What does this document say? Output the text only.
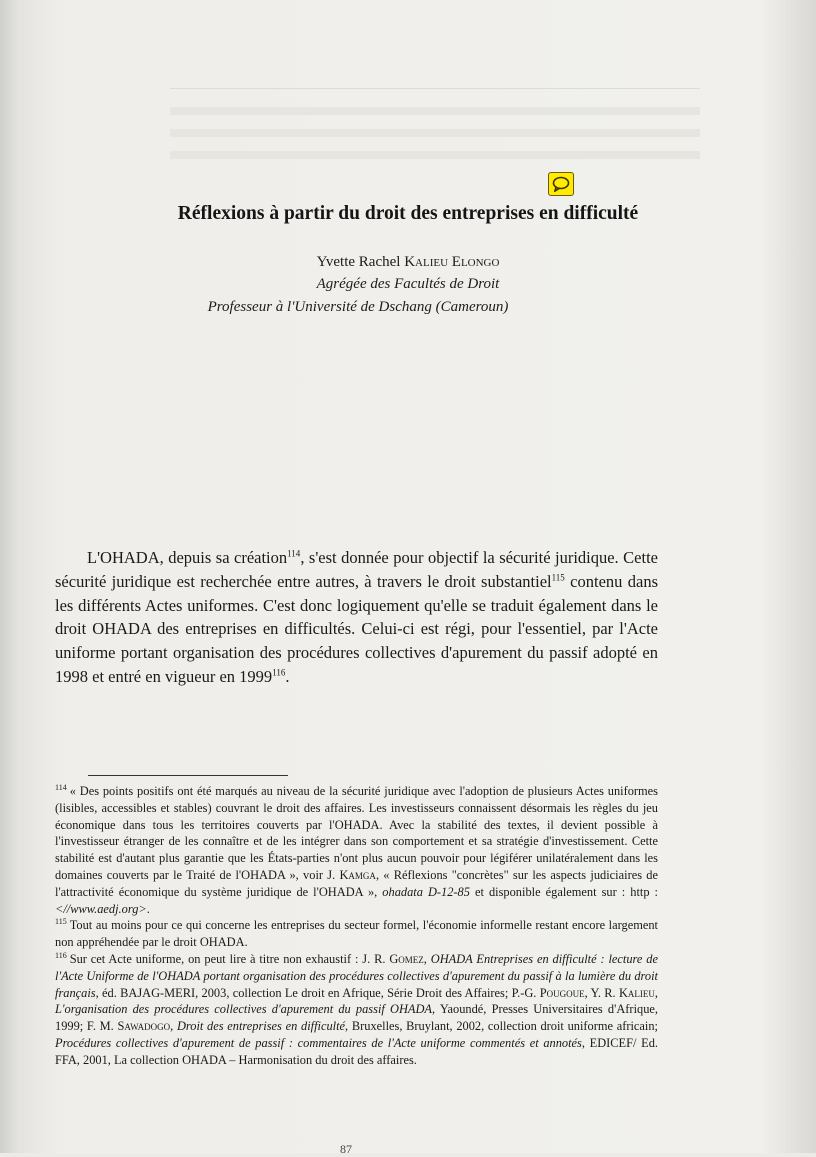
Réflexions à partir du droit des entreprises en difficulté
Yvette Rachel Kalieu Elongo
Agrégée des Facultés de Droit
Professeur à l'Université de Dschang (Cameroun)

L'OHADA, depuis sa création$^{114}$, s'est donnée pour objectif la sécurité juridique. Cette sécurité juridique est recherchée entre autres, à travers le droit substantiel$^{115}$ contenu dans les différents Actes uniformes. C'est donc logiquement qu'elle se traduit également dans le droit OHADA des entreprises en difficultés. Celui-ci est régi, pour l'essentiel, par l'Acte uniforme portant organisation des procédures collectives d'apurement du passif adopté en 1998 et entré en vigueur en 1999$^{116}$.

$^{114}$ « Des points positifs ont été marqués au niveau de la sécurité juridique avec l'adoption de plusieurs Actes uniformes (lisibles, accessibles et stables) couvrant le droit des affaires. Les investisseurs connaissent désormais les règles du jeu économique dans tous les territoires couverts par l'OHADA. Avec la stabilité des textes, il devient possible à l'investisseur étranger de les connaître et de les intégrer dans son comportement et sa stratégie d'investissement. Cette stabilité est d'autant plus garantie que les États-parties n'ont plus aucun pouvoir pour légiférer unilatéralement dans les domaines couverts par le Traité de l'OHADA », voir J. Kamga, « Réflexions "concrètes" sur les aspects judiciaires de l'attractivité économique du système juridique de l'OHADA », ohadata D-12-85 et disponible également sur : http : <//www.aedj.org>.

$^{115}$ Tout au moins pour ce qui concerne les entreprises du secteur formel, l'économie informelle restant encore largement non appréhendée par le droit OHADA.

$^{116}$ Sur cet Acte uniforme, on peut lire à titre non exhaustif : J. R. Gomez, OHADA Entreprises en difficulté : lecture de l'Acte Uniforme de l'OHADA portant organisation des procédures collectives d'apurement du passif à la lumière du droit français, éd. BAJAG-MERI, 2003, collection Le droit en Afrique, Série Droit des Affaires; P.-G. Pougoue, Y. R. Kalieu, L'organisation des procédures collectives d'apurement du passif OHADA, Yaoundé, Presses Universitaires d'Afrique, 1999; F. M. Sawadogo, Droit des entreprises en difficulté, Bruxelles, Bruylant, 2002, collection droit uniforme africain; Procédures collectives d'apurement de passif : commentaires de l'Acte uniforme commentés et annotés, EDICEF/ Ed. FFA, 2001, La collection OHADA – Harmonisation du droit des affaires.

87
